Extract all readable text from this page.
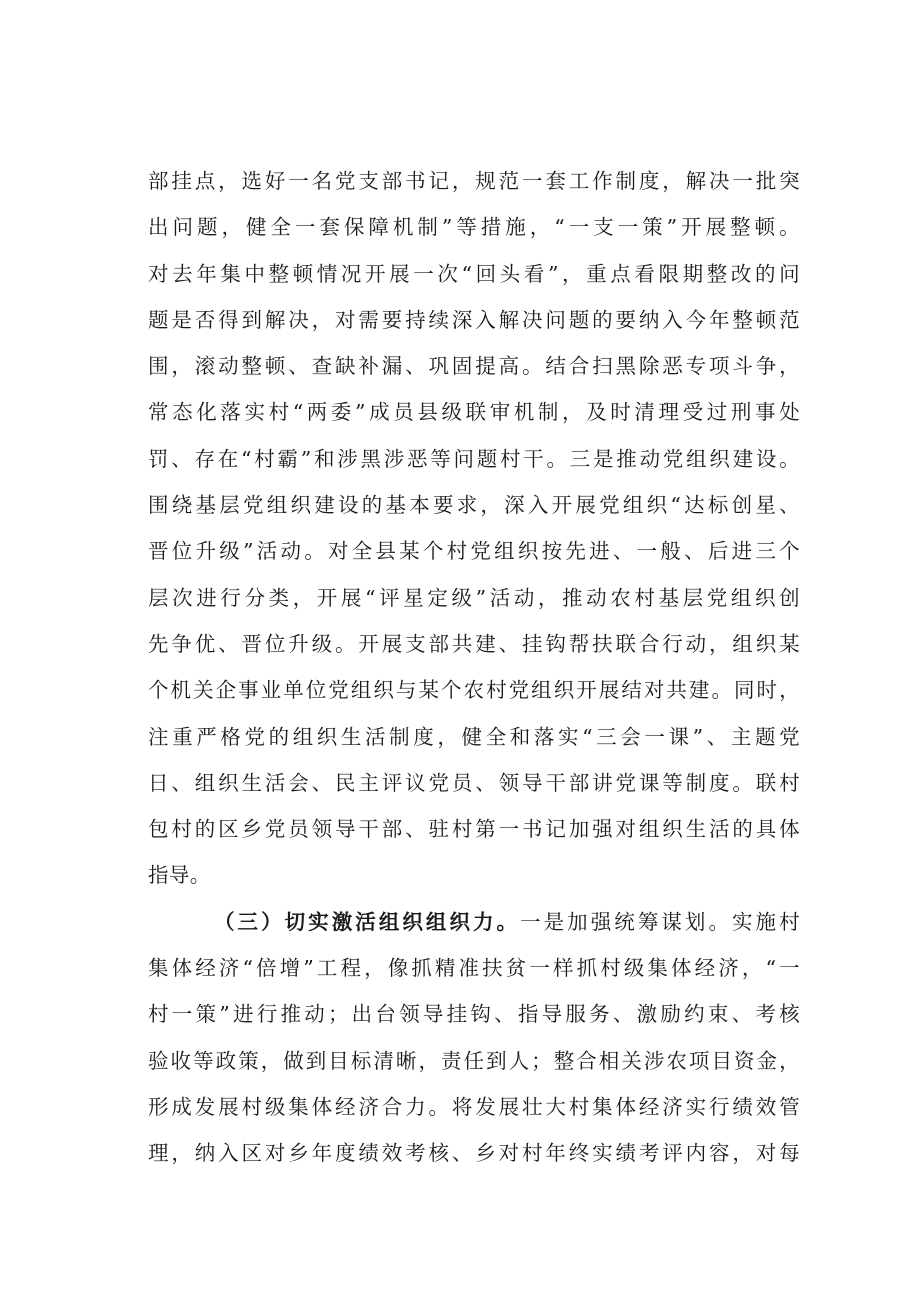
部挂点，选好一名党支部书记，规范一套工作制度，解决一批突
出问题，健全一套保障机制”等措施，“一支一策”开展整顿。
对去年集中整顿情况开展一次“回头看”，重点看限期整改的问
题是否得到解决，对需要持续深入解决问题的要纳入今年整顿范
围，滚动整顿、查缺补漏、巩固提高。结合扫黑除恶专项斗争，
常态化落实村“两委”成员县级联审机制，及时清理受过刑事处
罚、存在“村霸”和涉黑涉恶等问题村干。三是推动党组织建设。
围绕基层党组织建设的基本要求，深入开展党组织“达标创星、
晋位升级”活动。对全县某个村党组织按先进、一般、后进三个
层次进行分类，开展“评星定级”活动，推动农村基层党组织创
先争优、晋位升级。开展支部共建、挂钩帮扶联合行动，组织某
个机关企事业单位党组织与某个农村党组织开展结对共建。同时，
注重严格党的组织生活制度，健全和落实“三会一课”、主题党
日、组织生活会、民主评议党员、领导干部讲党课等制度。联村
包村的区乡党员领导干部、驻村第一书记加强对组织生活的具体
指导。
（三）切实激活组织组织力。一是加强统筹谋划。实施村
集体经济“倍增”工程，像抓精准扶贫一样抓村级集体经济，“一
村一策”进行推动；出台领导挂钩、指导服务、激励约束、考核
验收等政策，做到目标清晰，责任到人；整合相关涉农项目资金，
形成发展村级集体经济合力。将发展壮大村集体经济实行绩效管
理，纳入区对乡年度绩效考核、乡对村年终实绩考评内容，对每
